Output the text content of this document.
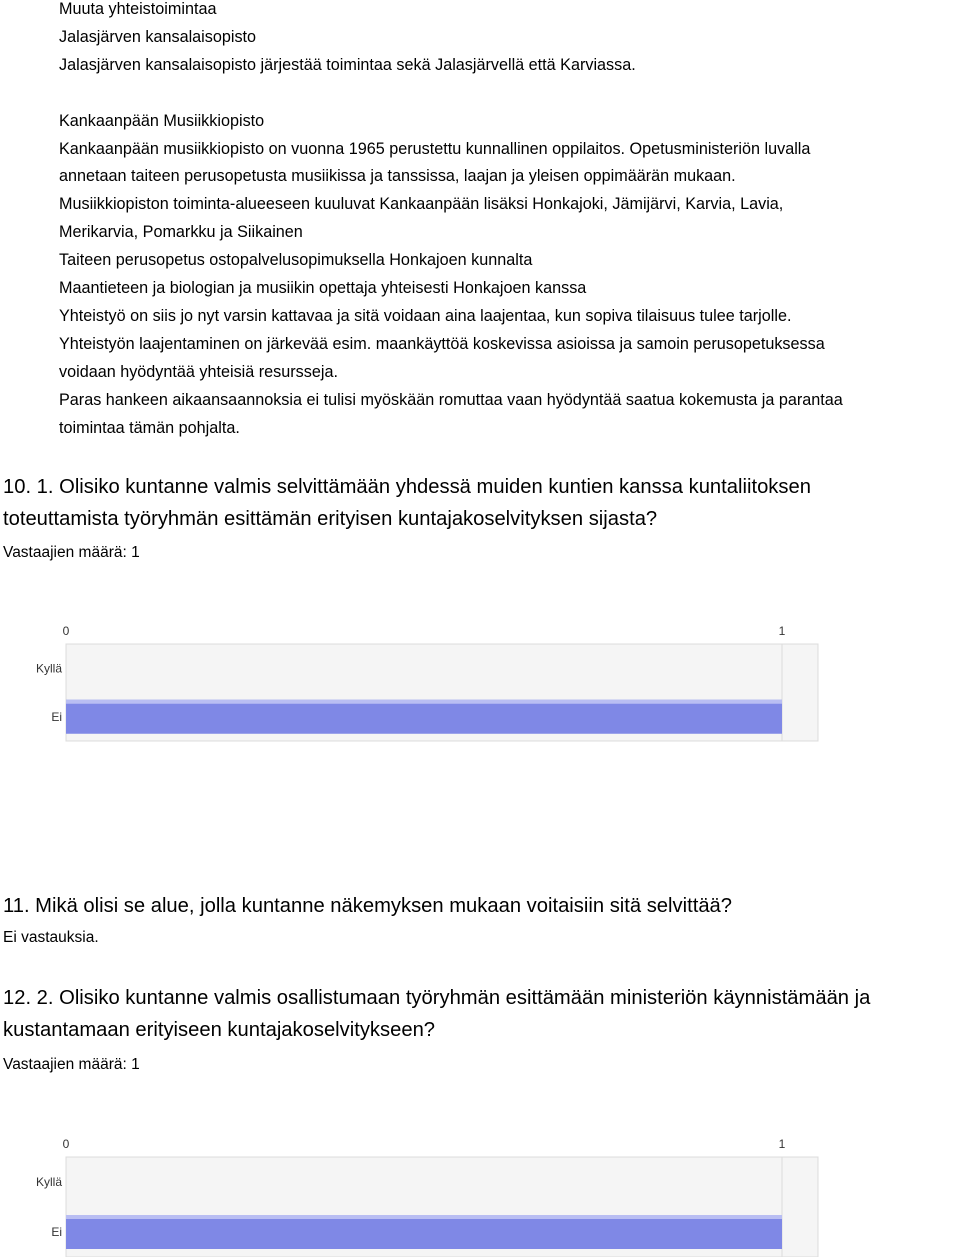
Muuta yhteistoimintaa
Jalasjärven kansalaisopisto
Jalasjärven kansalaisopisto järjestää toimintaa sekä Jalasjärvellä että Karviassa.
Kankaanpään Musiikkiopisto
Kankaanpään musiikkiopisto on vuonna 1965 perustettu kunnallinen oppilaitos. Opetusministeriön luvalla
annetaan taiteen perusopetusta musiikissa ja tanssissa, laajan ja yleisen oppimäärän mukaan.
Musiikkiopiston toiminta-alueeseen kuuluvat Kankaanpään lisäksi Honkajoki, Jämijärvi, Karvia, Lavia,
Merikarvia, Pomarkku ja Siikainen
Taiteen perusopetus ostopalvelusopimuksella Honkajoen kunnalta
Maantieteen ja biologian ja musiikin opettaja yhteisesti Honkajoen kanssa
Yhteistyö on siis jo nyt varsin kattavaa ja sitä voidaan aina laajentaa, kun sopiva tilaisuus tulee tarjolle.
Yhteistyön laajentaminen on järkevää esim. maankäyttöä koskevissa asioissa ja samoin perusopetuksessa
voidaan hyödyntää yhteisiä resursseja.
Paras hankeen aikaansaannoksia ei tulisi myöskään romuttaa vaan hyödyntää saatua kokemusta ja parantaa
toimintaa tämän pohjalta.
10. 1. Olisiko kuntanne valmis selvittämään yhdessä muiden kuntien kanssa kuntaliitoksen
toteuttamista työryhmän esittämän erityisen kuntajakoselvityksen sijasta?
Vastaajien määrä: 1
0	1
Kyllä
Ei
11. Mikä olisi se alue, jolla kuntanne näkemyksen mukaan voitaisiin sitä selvittää?
Ei vastauksia.
12. 2. Olisiko kuntanne valmis osallistumaan työryhmän esittämään ministeriön käynnistämään ja
kustantamaan erityiseen kuntajakoselvitykseen?
Vastaajien määrä: 1
0	1
Kyllä
Ei
